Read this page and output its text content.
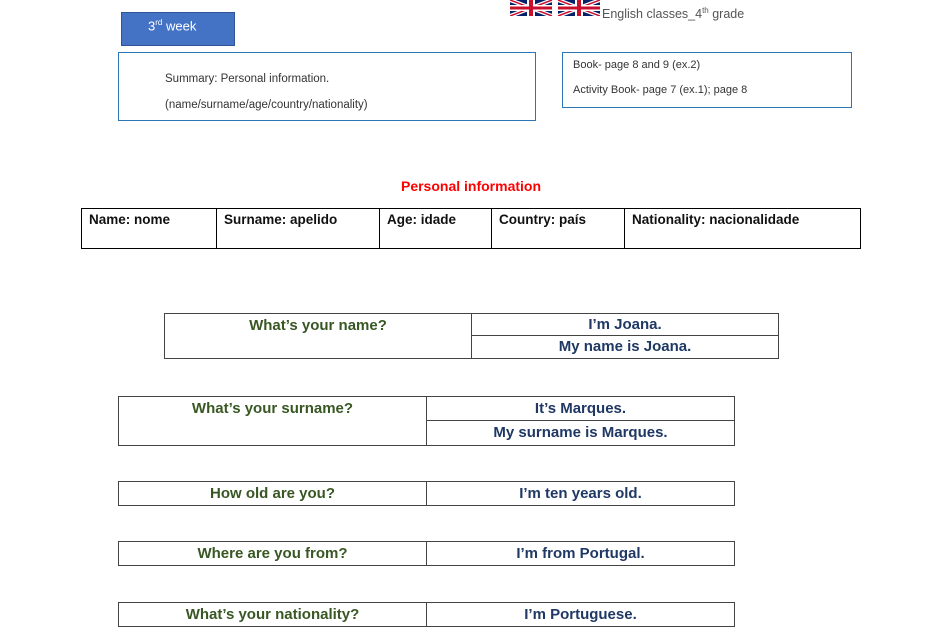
3rd week
English classes_4th grade
Summary: Personal information.
(name/surname/age/country/nationality)
Book- page 8 and 9 (ex.2)
Activity Book- page 7 (ex.1); page 8
Personal information
Name: nome	Surname: apelido	Age: idade	Country: país	Nationality: nacionalidade
What’s your name?	I’m Joana.
My name is Joana.
What’s your surname?	It’s Marques.
My surname is Marques.
How old are you?	I’m ten years old.
Where are you from?	I’m from Portugal.
What’s your nationality?	I’m Portuguese.
